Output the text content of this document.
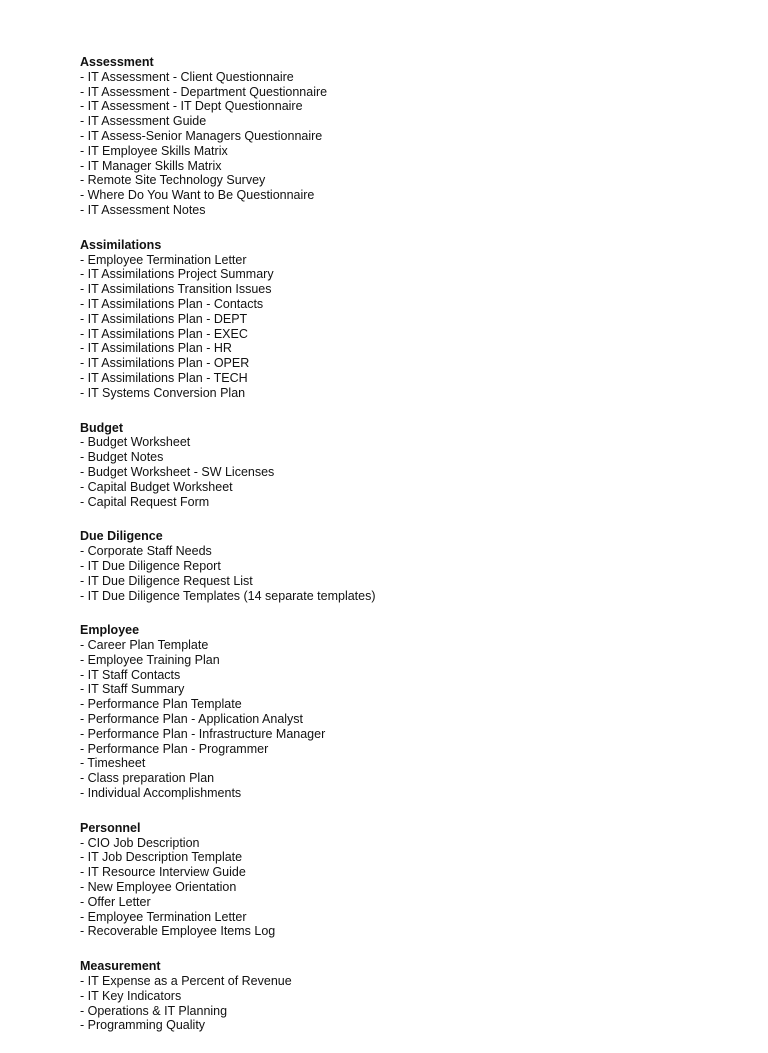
Assessment
- IT Assessment - Client Questionnaire
- IT Assessment - Department Questionnaire
- IT Assessment - IT Dept Questionnaire
- IT Assessment Guide
- IT Assess-Senior Managers Questionnaire
- IT Employee Skills Matrix
- IT Manager Skills Matrix
- Remote Site Technology Survey
- Where Do You Want to Be Questionnaire
- IT Assessment Notes
Assimilations
- Employee Termination Letter
- IT Assimilations Project Summary
- IT Assimilations Transition Issues
- IT Assimilations Plan - Contacts
- IT Assimilations Plan - DEPT
- IT Assimilations Plan - EXEC
- IT Assimilations Plan - HR
- IT Assimilations Plan - OPER
- IT Assimilations Plan - TECH
- IT Systems Conversion Plan
Budget
- Budget Worksheet
- Budget Notes
- Budget Worksheet - SW Licenses
- Capital Budget Worksheet
- Capital Request Form
Due Diligence
- Corporate Staff Needs
- IT Due Diligence Report
- IT Due Diligence Request List
- IT Due Diligence Templates (14 separate templates)
Employee
- Career Plan Template
- Employee Training Plan
- IT Staff Contacts
- IT Staff Summary
- Performance Plan Template
- Performance Plan - Application Analyst
- Performance Plan - Infrastructure Manager
- Performance Plan - Programmer
- Timesheet
- Class preparation Plan
- Individual Accomplishments
Personnel
- CIO Job Description
- IT Job Description Template
- IT Resource Interview Guide
- New Employee Orientation
- Offer Letter
- Employee Termination Letter
- Recoverable Employee Items Log
Measurement
- IT Expense as a Percent of Revenue
- IT Key Indicators
- Operations & IT Planning
- Programming Quality
